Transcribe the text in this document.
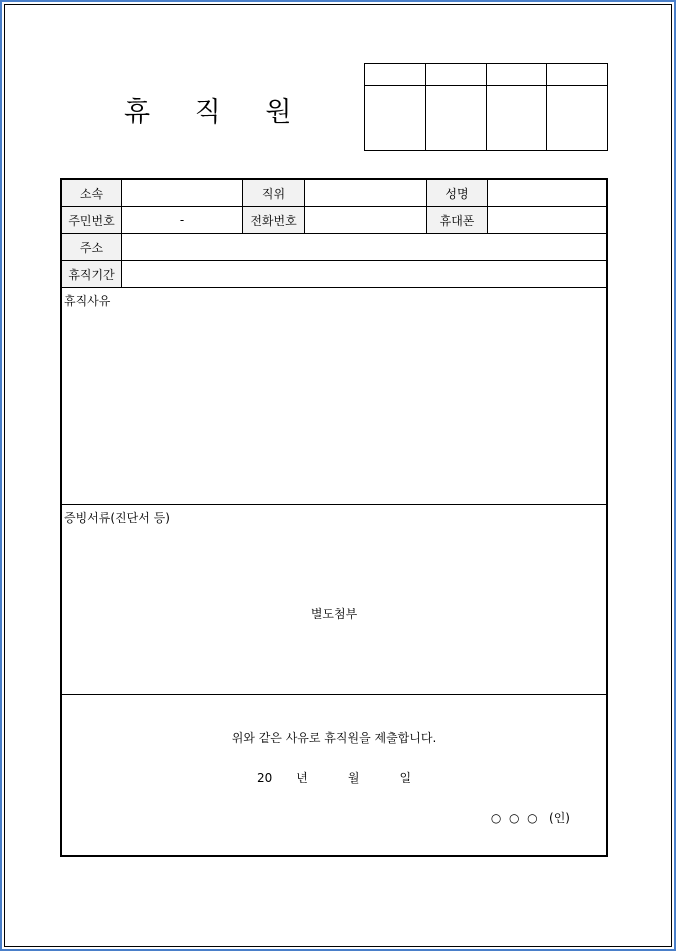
휴 직 원

소속	직위	성명
주민번호	-	전화번호	휴대폰
주소
휴직기간
휴직사유
증빙서류(진단서 등)
별도첨부
위와 같은 사유로 휴직원을 제출합니다.
20 년	월	일
○  ○  ○   (인)
